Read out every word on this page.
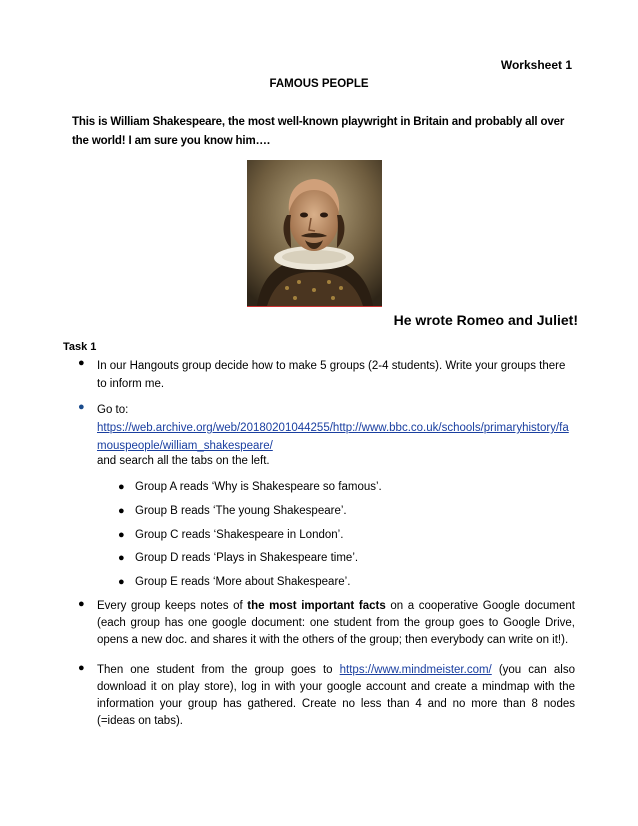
Worksheet 1
FAMOUS PEOPLE
This is William Shakespeare, the most well-known playwright in Britain and probably all over the world! I am sure you know him….
He wrote Romeo and Juliet!
Task 1
● In our Hangouts group decide how to make 5 groups (2-4 students). Write your groups there to inform me.
● Go to:
https://web.archive.org/web/20180201044255/http://www.bbc.co.uk/schools/primaryhistory/famouspeople/william_shakespeare/
and search all the tabs on the left.
● Group A reads ‘Why is Shakespeare so famous’.
● Group B reads ‘The young Shakespeare’.
● Group C reads ‘Shakespeare in London’.
● Group D reads ‘Plays in Shakespeare time’.
● Group E reads ‘More about Shakespeare’.
● Every group keeps notes of the most important facts on a cooperative Google document (each group has one google document: one student from the group goes to Google Drive, opens a new doc. and shares it with the others of the group; then everybody can write on it!).
● Then one student from the group goes to https://www.mindmeister.com/ (you can also download it on play store), log in with your google account and create a mindmap with the information your group has gathered. Create no less than 4 and no more than 8 nodes (=ideas on tabs).
